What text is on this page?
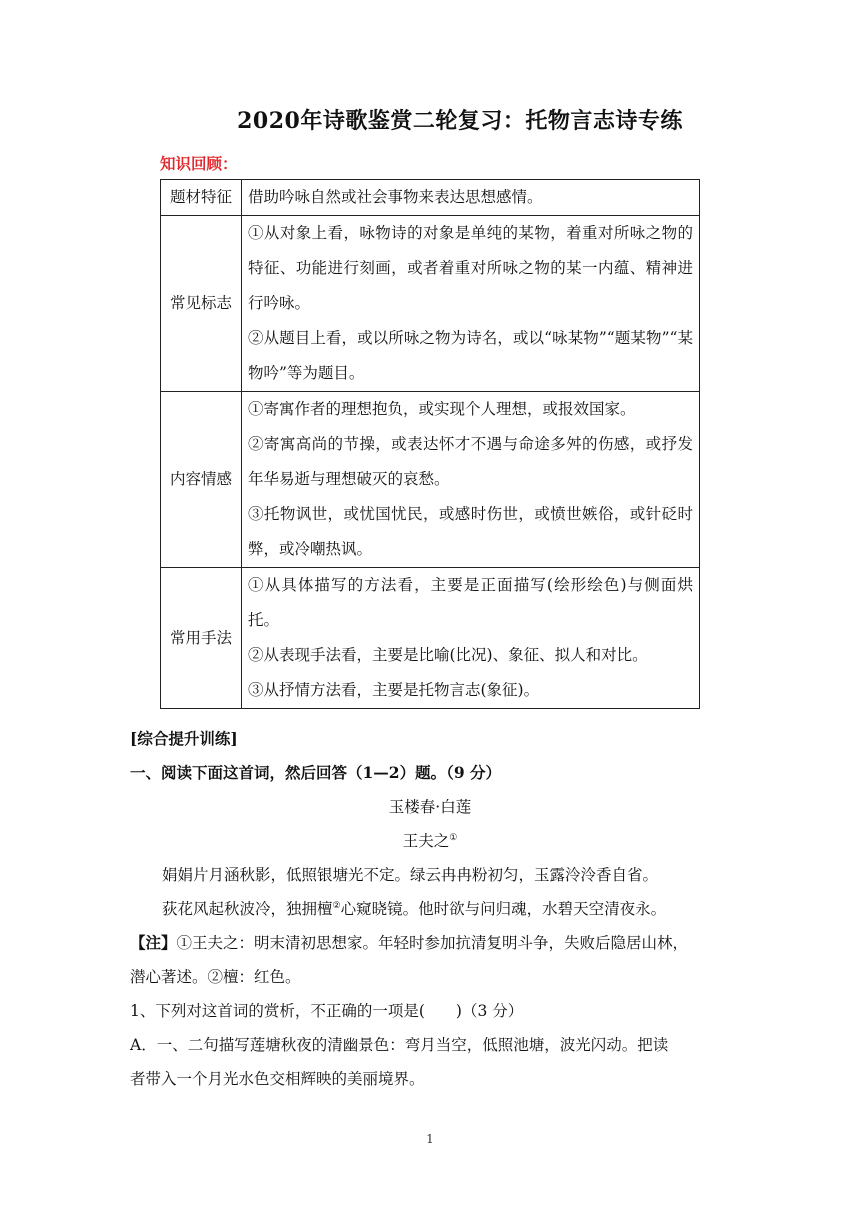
2020年诗歌鉴赏二轮复习：托物言志诗专练
知识回顾：
题材特征	借助吟咏自然或社会事物来表达思想感情。

常见标志	①从对象上看，咏物诗的对象是单纯的某物，着重对所咏之物的特征、功能进行刻画，或者着重对所咏之物的某一内蕴、精神进行吟咏。

②从题目上看，或以所咏之物为诗名，或以“咏某物”“题某物”“某物吟”等为题目。

内容情感	①寄寓作者的理想抱负，或实现个人理想，或报效国家。

②寄寓高尚的节操，或表达怀才不遇与命途多舛的伤感，或抒发年华易逝与理想破灭的哀愁。

③托物讽世，或忧国忧民，或感时伤世，或愤世嫉俗，或针砭时弊，或冷嘲热讽。

常用手法	①从具体描写的方法看，主要是正面描写(绘形绘色)与侧面烘托。

②从表现手法看，主要是比喻(比况)、象征、拟人和对比。

③从抒情方法看，主要是托物言志(象征)。

[综合提升训练]
一、阅读下面这首词，然后回答（1—2）题。（9 分）
玉楼春·白莲
王夫之①
娟娟片月涵秋影，低照银塘光不定。绿云冉冉粉初匀，玉露泠泠香自省。
荻花风起秋波冷，独拥檀②心窥晓镜。他时欲与问归魂，水碧天空清夜永。
【注】①王夫之：明末清初思想家。年轻时参加抗清复明斗争，失败后隐居山林，
潜心著述。②檀：红色。
1、下列对这首词的赏析，不正确的一项是(　　)（3 分）
A．一、二句描写莲塘秋夜的清幽景色：弯月当空，低照池塘，波光闪动。把读
者带入一个月光水色交相辉映的美丽境界。
1
